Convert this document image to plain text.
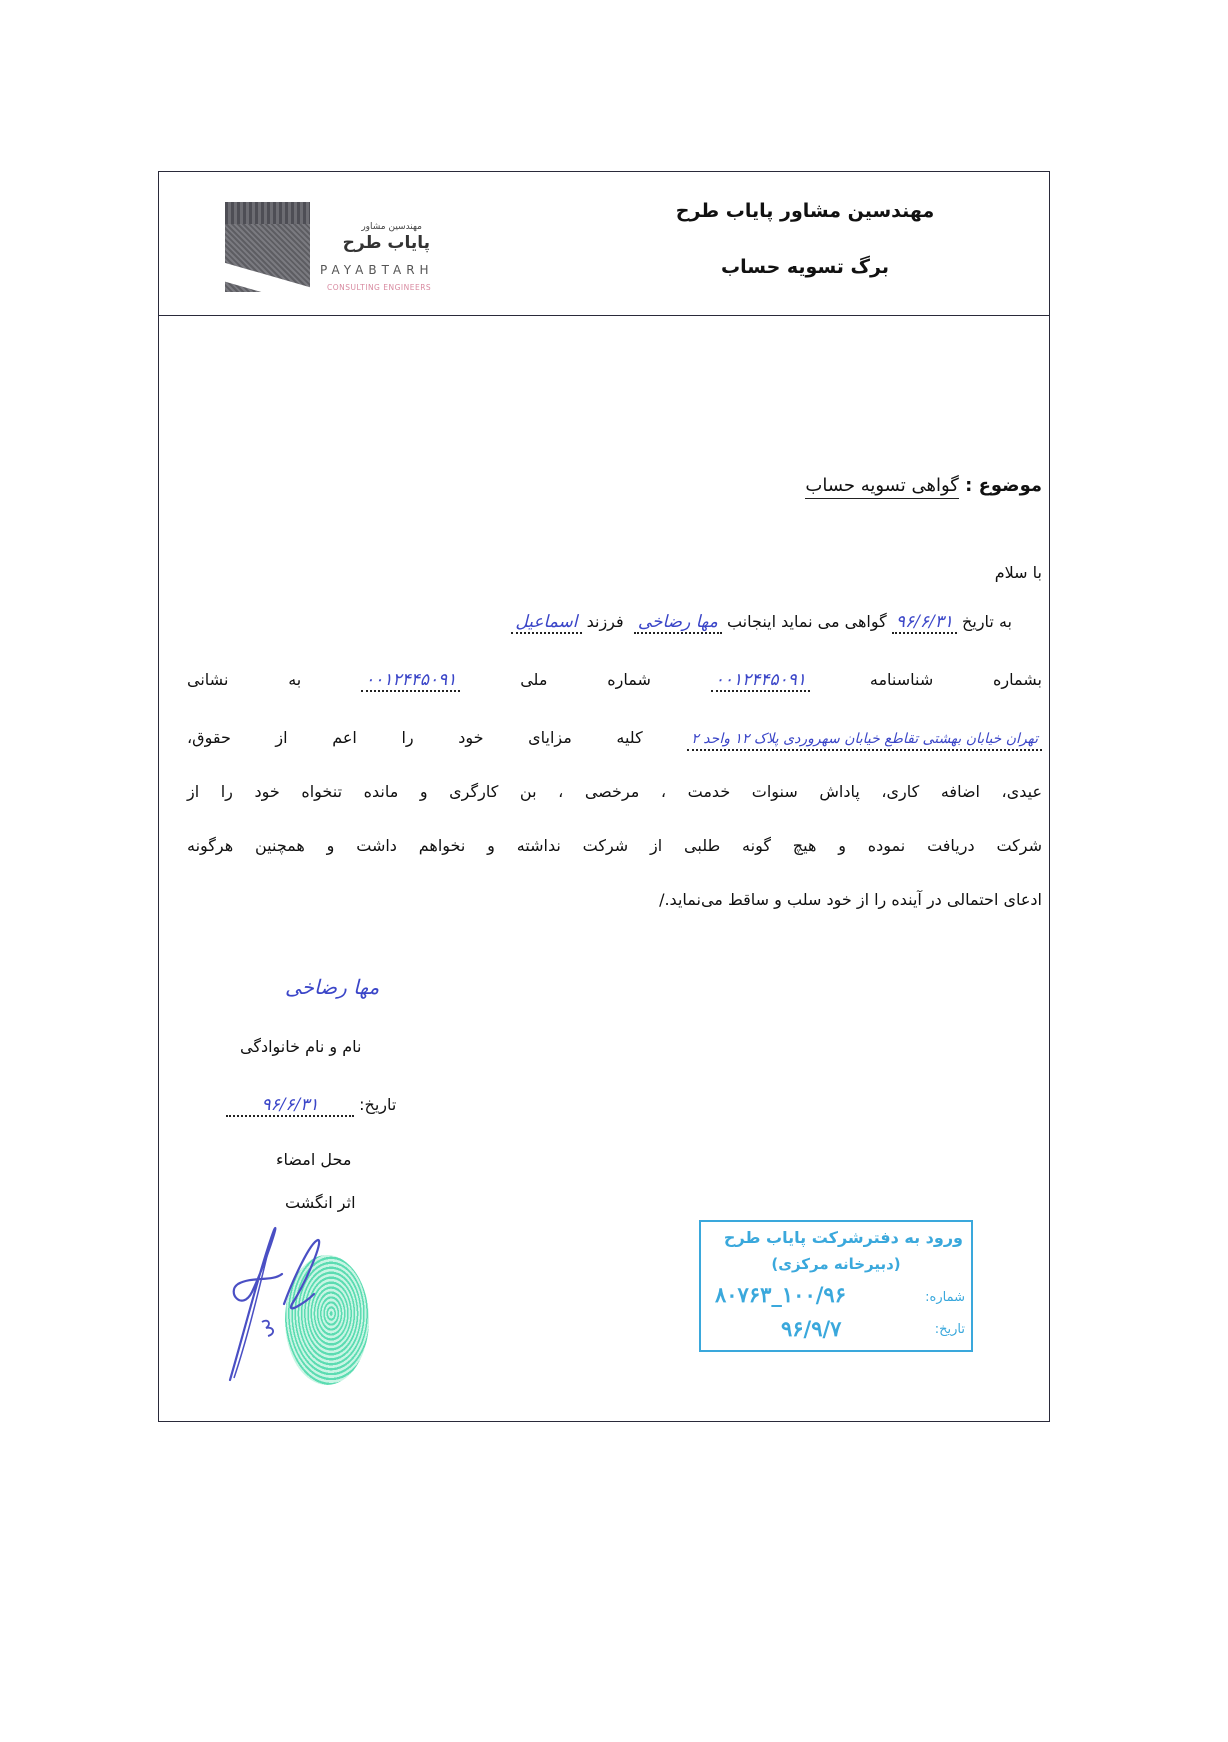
مهندسین مشاور پایاب طرح
برگ تسویه حساب
مهندسین مشاور
پایاب طرح
PAYABTARH
CONSULTING ENGINEERS
موضوع : گواهی تسویه حساب
با سلام
به تاریخ ۹۶/۶/۳۱ گواهی می نماید اینجانب مها رضاخی  فرزند اسماعیل
بشماره شناسنامه ۰۰۱۲۴۴۵۰۹۱ شماره ملی ۰۰۱۲۴۴۵۰۹۱ به نشانی
تهران خیابان بهشتی تقاطع خیابان سهروردی پلاک ۱۲ واحد ۲ کلیه مزایای خود را اعم از حقوق،
عیدی، اضافه کاری، پاداش سنوات خدمت ، مرخصی ، بن کارگری و مانده تنخواه خود را از
شرکت دریافت نموده و هیچ گونه طلبی از شرکت نداشته و نخواهم داشت و همچنین هرگونه
ادعای احتمالی در آینده را از خود سلب و ساقط می‌نماید./
مها رضاخی
نام و نام خانوادگی
تاریخ: ۹۶/۶/۳۱
محل امضاء
اثر انگشت
ورود به دفترشرکت پایاب طرح
(دبیرخانه مرکزی)
شماره:
۱۰۰/۹۶_۸۰۷۶۳
تاریخ:
۹۶/۹/۷
